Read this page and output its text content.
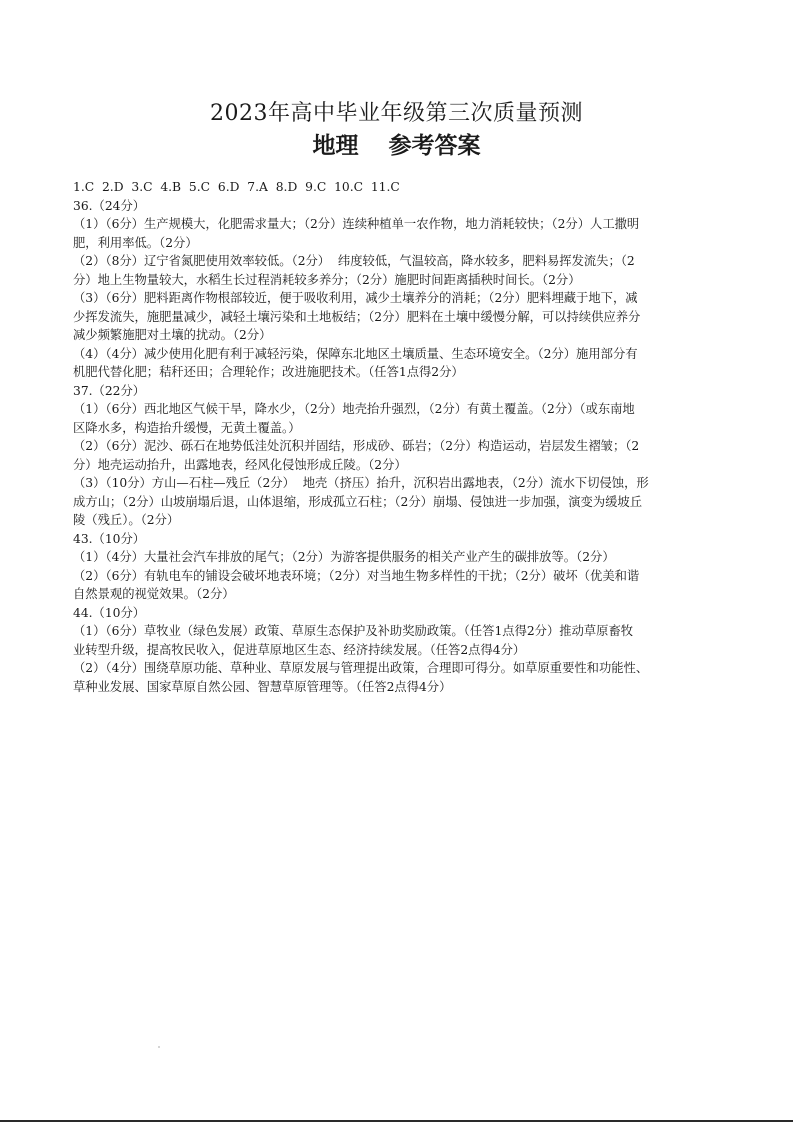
2023年高中毕业年级第三次质量预测
地理 参考答案
1.C  2.D  3.C  4.B  5.C  6.D  7.A  8.D  9.C  10.C  11.C
36.（24分）
（1）（6分）生产规模大，化肥需求量大；（2分）连续种植单一农作物，地力消耗较快；（2分）人工撒明
肥，利用率低。（2分）
（2）（8分）辽宁省氮肥使用效率较低。（2分）  纬度较低，气温较高，降水较多，肥料易挥发流失；（2
分）地上生物量较大，水稻生长过程消耗较多养分；（2分）施肥时间距离插秧时间长。（2分）
（3）（6分）肥料距离作物根部较近，便于吸收利用，减少土壤养分的消耗；（2分）肥料埋藏于地下，减
少挥发流失，施肥量减少，减轻土壤污染和土地板结；（2分）肥料在土壤中缓慢分解，可以持续供应养分
减少频繁施肥对土壤的扰动。（2分）
（4）（4分）减少使用化肥有利于减轻污染，保障东北地区土壤质量、生态环境安全。（2分）施用部分有
机肥代替化肥；秸秆还田；合理轮作；改进施肥技术。（任答1点得2分）
37.（22分）
（1）（6分）西北地区气候干旱，降水少，（2分）地壳抬升强烈，（2分）有黄土覆盖。（2分）（或东南地
区降水多，构造抬升缓慢，无黄土覆盖。）
（2）（6分）泥沙、砾石在地势低洼处沉积并固结，形成砂、砾岩；（2分）构造运动，岩层发生褶皱；（2
分）地壳运动抬升，出露地表，经风化侵蚀形成丘陵。（2分）
（3）（10分）方山—石柱—残丘（2分）  地壳（挤压）抬升，沉积岩出露地表，（2分）流水下切侵蚀，形
成方山；（2分）山坡崩塌后退，山体退缩，形成孤立石柱；（2分）崩塌、侵蚀进一步加强，演变为缓坡丘
陵（残丘）。（2分）
43.（10分）
（1）（4分）大量社会汽车排放的尾气；（2分）为游客提供服务的相关产业产生的碳排放等。（2分）
（2）（6分）有轨电车的铺设会破坏地表环境；（2分）对当地生物多样性的干扰；（2分）破坏（优美和谐
自然景观的视觉效果。（2分）
44.（10分）
（1）（6分）草牧业（绿色发展）政策、草原生态保护及补助奖励政策。（任答1点得2分）推动草原畜牧
业转型升级，提高牧民收入，促进草原地区生态、经济持续发展。（任答2点得4分）
（2）（4分）围绕草原功能、草种业、草原发展与管理提出政策，合理即可得分。如草原重要性和功能性、
草种业发展、国家草原自然公园、智慧草原管理等。（任答2点得4分）
